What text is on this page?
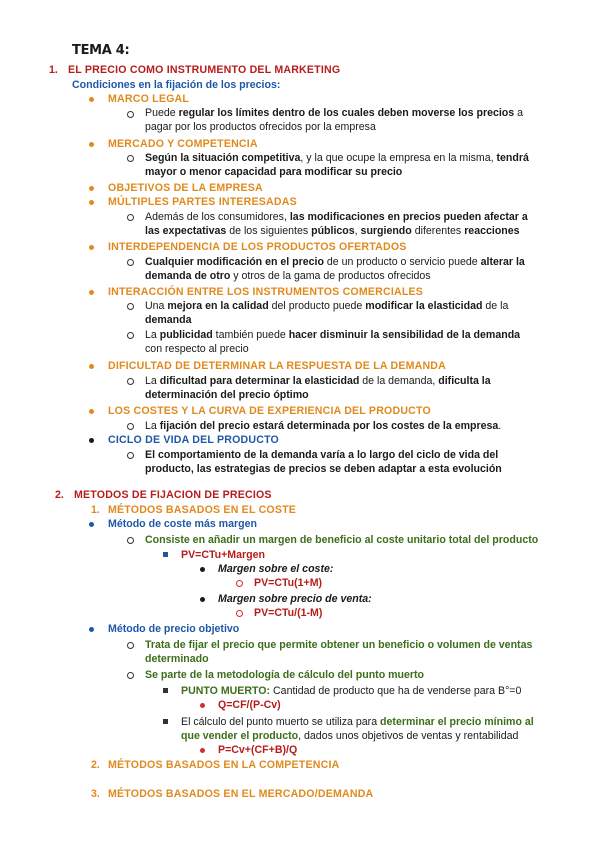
TEMA 4:
1. EL PRECIO COMO INSTRUMENTO DEL MARKETING
Condiciones en la fijación de los precios:
MARCO LEGAL
Puede regular los límites dentro de los cuales deben moverse los precios a
pagar por los productos ofrecidos por la empresa
MERCADO Y COMPETENCIA
Según la situación competitiva, y la que ocupe la empresa en la misma, tendrá
mayor o menor capacidad para modificar su precio
OBJETIVOS DE LA EMPRESA
MÚLTIPLES PARTES INTERESADAS
Además de los consumidores, las modificaciones en precios pueden afectar a
las expectativas de los siguientes públicos, surgiendo diferentes reacciones
INTERDEPENDENCIA DE LOS PRODUCTOS OFERTADOS
Cualquier modificación en el precio de un producto o servicio puede alterar la
demanda de otro y otros de la gama de productos ofrecidos
INTERACCIÓN ENTRE LOS INSTRUMENTOS COMERCIALES
Una mejora en la calidad del producto puede modificar la elasticidad de la
demanda
La publicidad también puede hacer disminuir la sensibilidad de la demanda
con respecto al precio
DIFICULTAD DE DETERMINAR LA RESPUESTA DE LA DEMANDA
La dificultad para determinar la elasticidad de la demanda, dificulta la
determinación del precio óptimo
LOS COSTES Y LA CURVA DE EXPERIENCIA DEL PRODUCTO
La fijación del precio estará determinada por los costes de la empresa.
CICLO DE VIDA DEL PRODUCTO
El comportamiento de la demanda varía a lo largo del ciclo de vida del
producto, las estrategias de precios se deben adaptar a esta evolución
2. METODOS DE FIJACION DE PRECIOS
1. MÉTODOS BASADOS EN EL COSTE
Método de coste más margen
Consiste en añadir un margen de beneficio al coste unitario total del producto
PV=CTu+Margen
Margen sobre el coste:
PV=CTu(1+M)
Margen sobre precio de venta:
PV=CTu/(1-M)
Método de precio objetivo
Trata de fijar el precio que permite obtener un beneficio o volumen de ventas
determinado
Se parte de la metodología de cálculo del punto muerto
PUNTO MUERTO: Cantidad de producto que ha de venderse para B°=0
Q=CF/(P-Cv)
El cálculo del punto muerto se utiliza para determinar el precio mínimo al
que vender el producto, dados unos objetivos de ventas y rentabilidad
P=Cv+(CF+B)/Q
2. MÉTODOS BASADOS EN LA COMPETENCIA
3. MÉTODOS BASADOS EN EL MERCADO/DEMANDA
